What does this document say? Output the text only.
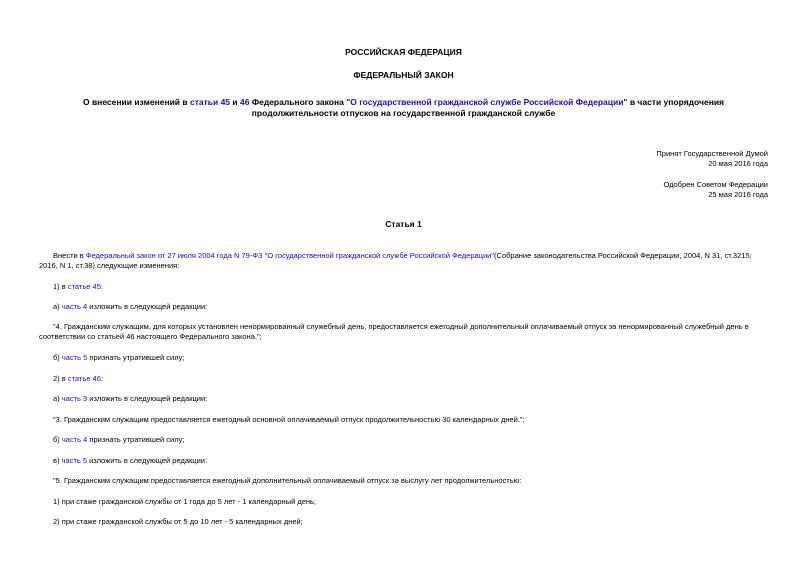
РОССИЙСКАЯ ФЕДЕРАЦИЯ
ФЕДЕРАЛЬНЫЙ ЗАКОН
О внесении изменений в статьи 45 и 46 Федерального закона "О государственной гражданской службе Российской Федерации" в части упорядочения продолжительности отпусков на государственной гражданской службе
Принят Государственной Думой
20 мая 2016 года
Одобрен Советом Федерации
25 мая 2016 года
Статья 1
Внести в Федеральный закон от 27 июля 2004 года N 79-ФЗ "О государственной гражданской службе Российской Федерации"(Собрание законодательства Российской Федерации, 2004, N 31, ст.3215; 2016, N 1, ст.38) следующие изменения:
1) в статье 45:
а) часть 4 изложить в следующей редакции:
"4. Гражданским служащим, для которых установлен ненормированный служебный день, предоставляется ежегодный дополнительный оплачиваемый отпуск за ненормированный служебный день в соответствии со статьей 46 настоящего Федерального закона.";
б) часть 5 признать утратившей силу;
2) в статье 46:
а) часть 3 изложить в следующей редакции:
"3. Гражданским служащим предоставляется ежегодный основной оплачиваемый отпуск продолжительностью 30 календарных дней.";
б) часть 4 признать утратившей силу;
в) часть 5 изложить в следующей редакции:
"5. Гражданским служащим предоставляется ежегодный дополнительный оплачиваемый отпуск за выслугу лет продолжительностью:
1) при стаже гражданской службы от 1 года до 5 лет - 1 календарный день;
2) при стаже гражданской службы от 5 до 10 лет - 5 календарных дней;
